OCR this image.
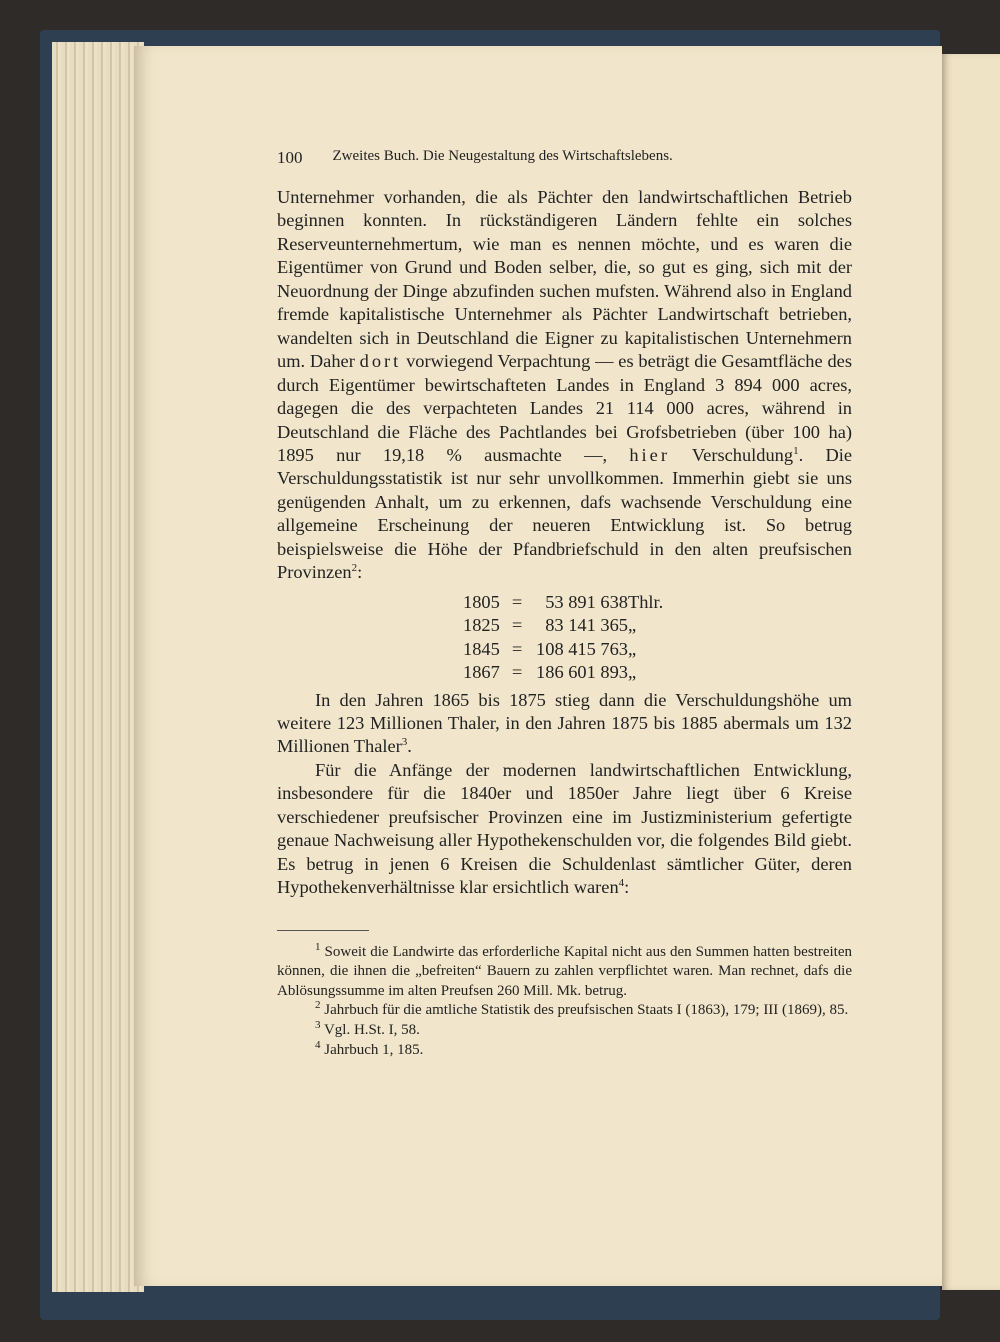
100 Zweites Buch. Die Neugestaltung des Wirtschaftslebens.

Unternehmer vorhanden, die als Pächter den landwirtschaftlichen Betrieb beginnen konnten. In rückständigeren Ländern fehlte ein solches Reserveunternehmertum, wie man es nennen möchte, und es waren die Eigentümer von Grund und Boden selber, die, so gut es ging, sich mit der Neuordnung der Dinge abzufinden suchen mufsten. Während also in England fremde kapitalistische Unternehmer als Pächter Landwirtschaft betrieben, wandelten sich in Deutschland die Eigner zu kapitalistischen Unternehmern um. Daher dort vorwiegend Verpachtung — es beträgt die Gesamtfläche des durch Eigentümer bewirtschafteten Landes in England 3 894 000 acres, dagegen die des verpachteten Landes 21 114 000 acres, während in Deutschland die Fläche des Pachtlandes bei Grofsbetrieben (über 100 ha) 1895 nur 19,18 % ausmachte —, hier Verschuldung$^1$. Die Verschuldungsstatistik ist nur sehr unvollkommen. Immerhin giebt sie uns genügenden Anhalt, um zu erkennen, dafs wachsende Verschuldung eine allgemeine Erscheinung der neueren Entwicklung ist. So betrug beispielsweise die Höhe der Pfandbriefschuld in den alten preufsischen Provinzen$^2$:

1805	=	53 891 638	Thlr.
1825	=	83 141 365	„
1845	=	108 415 763	„
1867	=	186 601 893	„

In den Jahren 1865 bis 1875 stieg dann die Verschuldungshöhe um weitere 123 Millionen Thaler, in den Jahren 1875 bis 1885 abermals um 132 Millionen Thaler$^3$.

Für die Anfänge der modernen landwirtschaftlichen Entwicklung, insbesondere für die 1840er und 1850er Jahre liegt über 6 Kreise verschiedener preufsischer Provinzen eine im Justizministerium gefertigte genaue Nachweisung aller Hypothekenschulden vor, die folgendes Bild giebt. Es betrug in jenen 6 Kreisen die Schuldenlast sämtlicher Güter, deren Hypothekenverhältnisse klar ersichtlich waren$^4$:

$^1$ Soweit die Landwirte das erforderliche Kapital nicht aus den Summen hatten bestreiten können, die ihnen die „befreiten“ Bauern zu zahlen verpflichtet waren. Man rechnet, dafs die Ablösungssumme im alten Preufsen 260 Mill. Mk. betrug.

$^2$ Jahrbuch für die amtliche Statistik des preufsischen Staats I (1863), 179; III (1869), 85.

$^3$ Vgl. H.St. I, 58.

$^4$ Jahrbuch 1, 185.
